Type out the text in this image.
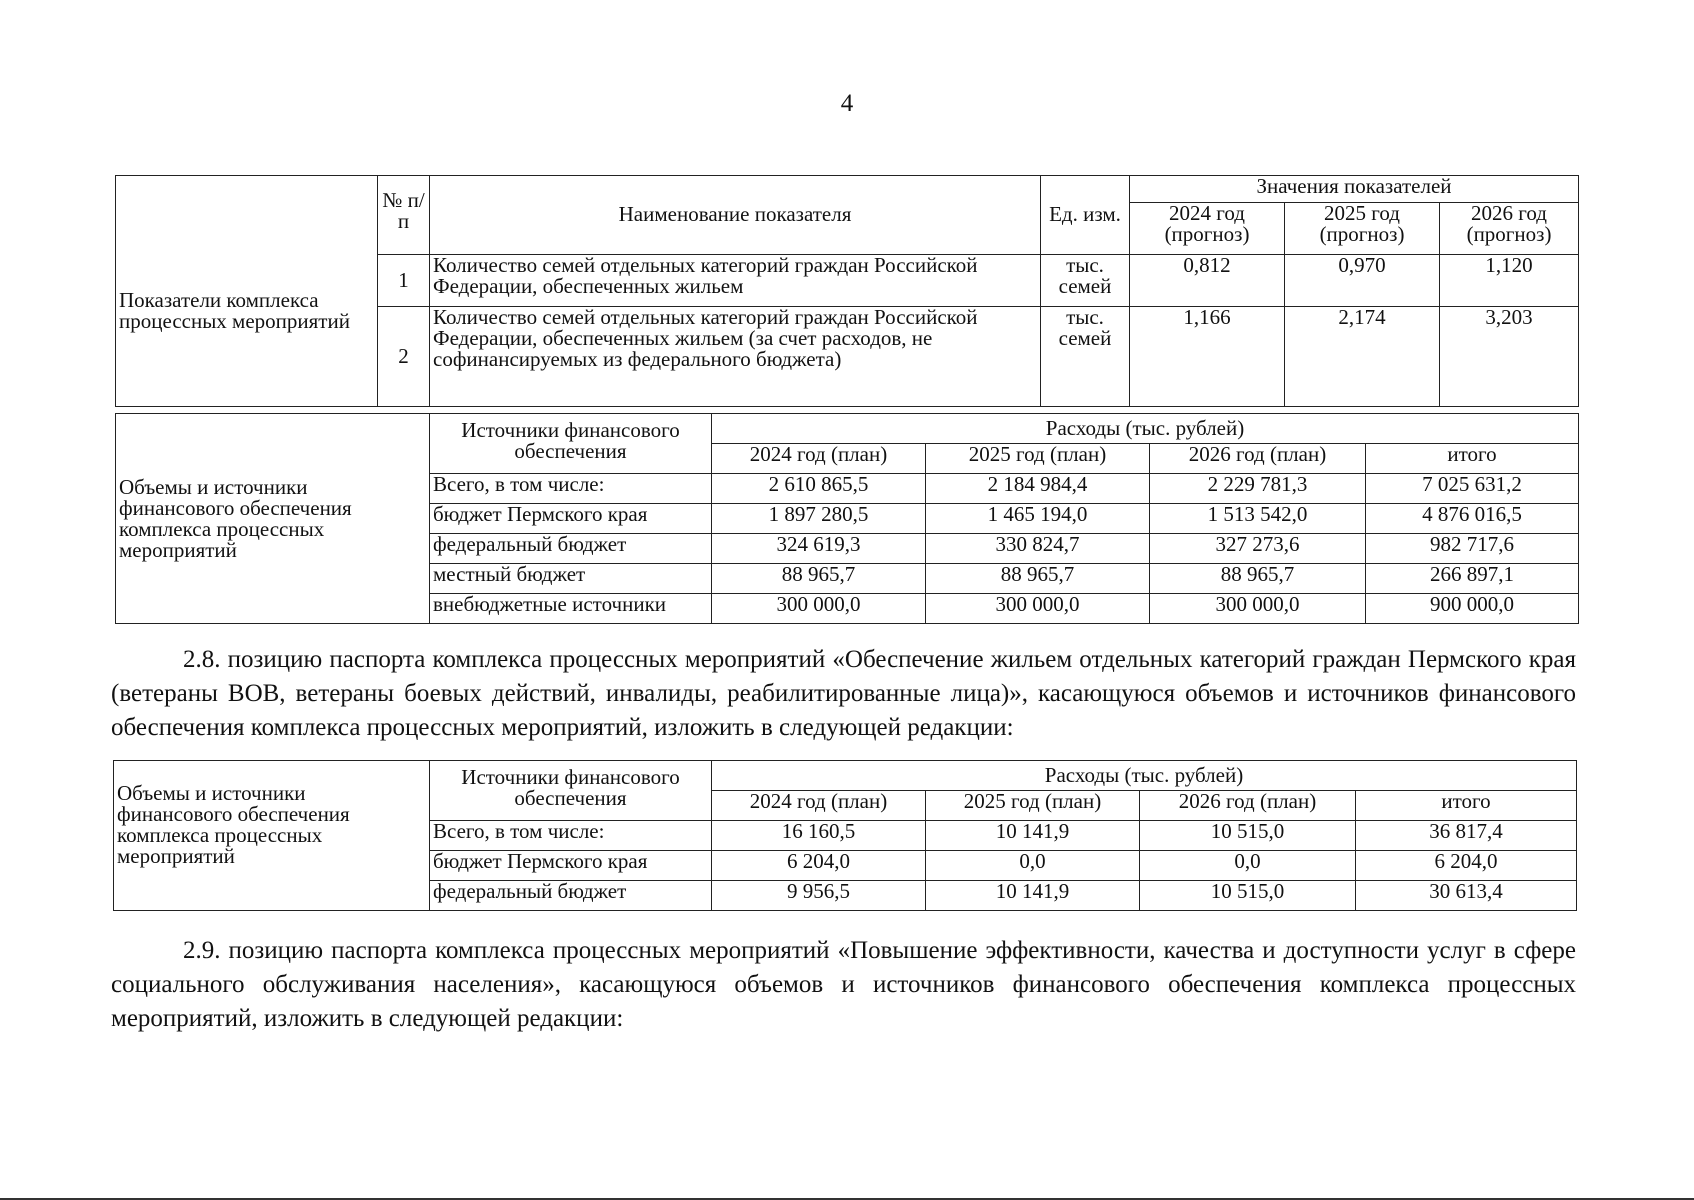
4
Показатели комплекса процессных мероприятий	№ п/п	Наименование показателя	Ед. изм.	Значения показателей		
				2024 год (прогноз)	2025 год (прогноз)	2026 год (прогноз)
	1	Количество семей отдельных категорий граждан Российской Федерации, обеспеченных жильем	тыс. семей	0,812	0,970	1,120
	2	Количество семей отдельных категорий граждан Российской Федерации, обеспеченных жильем (за счет расходов, не софинансируемых из федерального бюджета)	тыс. семей	1,166	2,174	3,203
Объемы и источники финансового обеспечения комплекса процессных мероприятий	Источники финансового обеспечения	Расходы (тыс. рублей)			
		2024 год (план)	2025 год (план)	2026 год (план)	итого
	Всего, в том числе:	2 610 865,5	2 184 984,4	2 229 781,3	7 025 631,2
	бюджет Пермского края	1 897 280,5	1 465 194,0	1 513 542,0	4 876 016,5
	федеральный бюджет	324 619,3	330 824,7	327 273,6	982 717,6
	местный бюджет	88 965,7	88 965,7	88 965,7	266 897,1
	внебюджетные источники	300 000,0	300 000,0	300 000,0	900 000,0
2.8. позицию паспорта комплекса процессных мероприятий «Обеспечение жильем отдельных категорий граждан Пермского края (ветераны ВОВ, ветераны боевых действий, инвалиды, реабилитированные лица)», касающуюся объемов и источников финансового обеспечения комплекса процессных мероприятий, изложить в следующей редакции:
Объемы и источники финансового обеспечения комплекса процессных мероприятий	Источники финансового обеспечения	Расходы (тыс. рублей)			
		2024 год (план)	2025 год (план)	2026 год (план)	итого
	Всего, в том числе:	16 160,5	10 141,9	10 515,0	36 817,4
	бюджет Пермского края	6 204,0	0,0	0,0	6 204,0
	федеральный бюджет	9 956,5	10 141,9	10 515,0	30 613,4
2.9. позицию паспорта комплекса процессных мероприятий «Повышение эффективности, качества и доступности услуг в сфере социального обслуживания населения», касающуюся объемов и источников финансового обеспечения комплекса процессных мероприятий, изложить в следующей редакции:
